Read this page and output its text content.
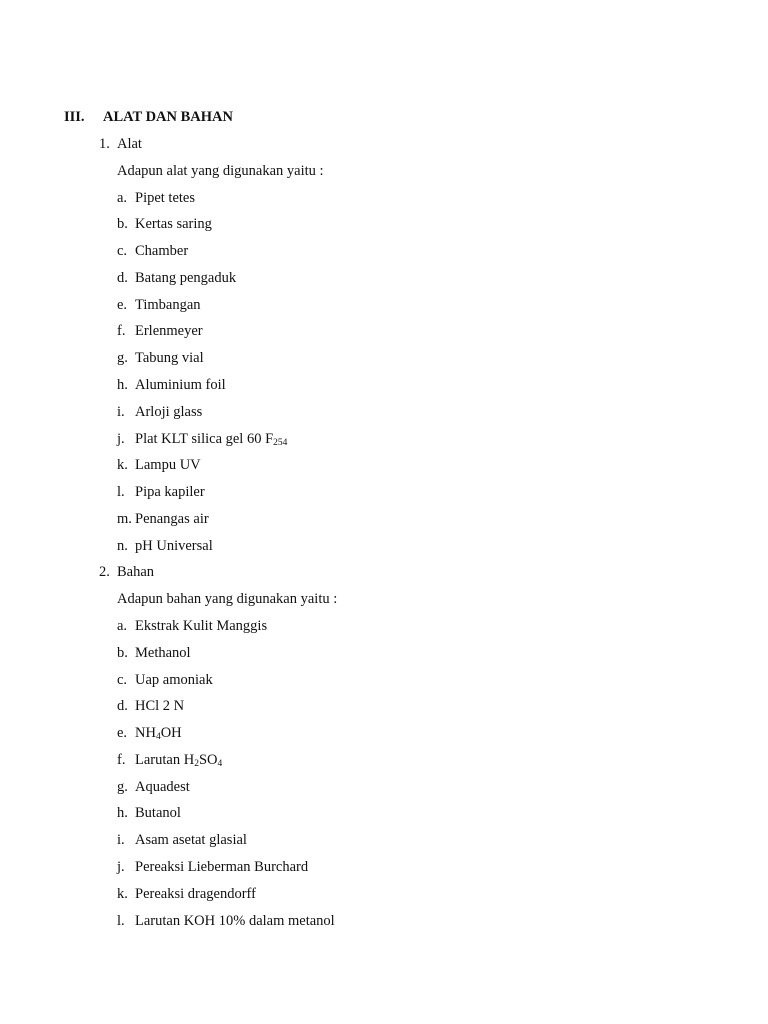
III. ALAT DAN BAHAN
1. Alat
Adapun alat yang digunakan yaitu :
a. Pipet tetes
b. Kertas saring
c. Chamber
d. Batang pengaduk
e. Timbangan
f. Erlenmeyer
g. Tabung vial
h. Aluminium foil
i. Arloji glass
j. Plat KLT silica gel 60 $F_{254}$
k. Lampu UV
l. Pipa kapiler
m. Penangas air
n. pH Universal
2. Bahan
Adapun bahan yang digunakan yaitu :
a. Ekstrak Kulit Manggis
b. Methanol
c. Uap amoniak
d. HCl 2 N
e. $NH_4OH$
f. Larutan $H_2SO_4$
g. Aquadest
h. Butanol
i. Asam asetat glasial
j. Pereaksi Lieberman Burchard
k. Pereaksi dragendorff
l. Larutan KOH 10% dalam metanol
